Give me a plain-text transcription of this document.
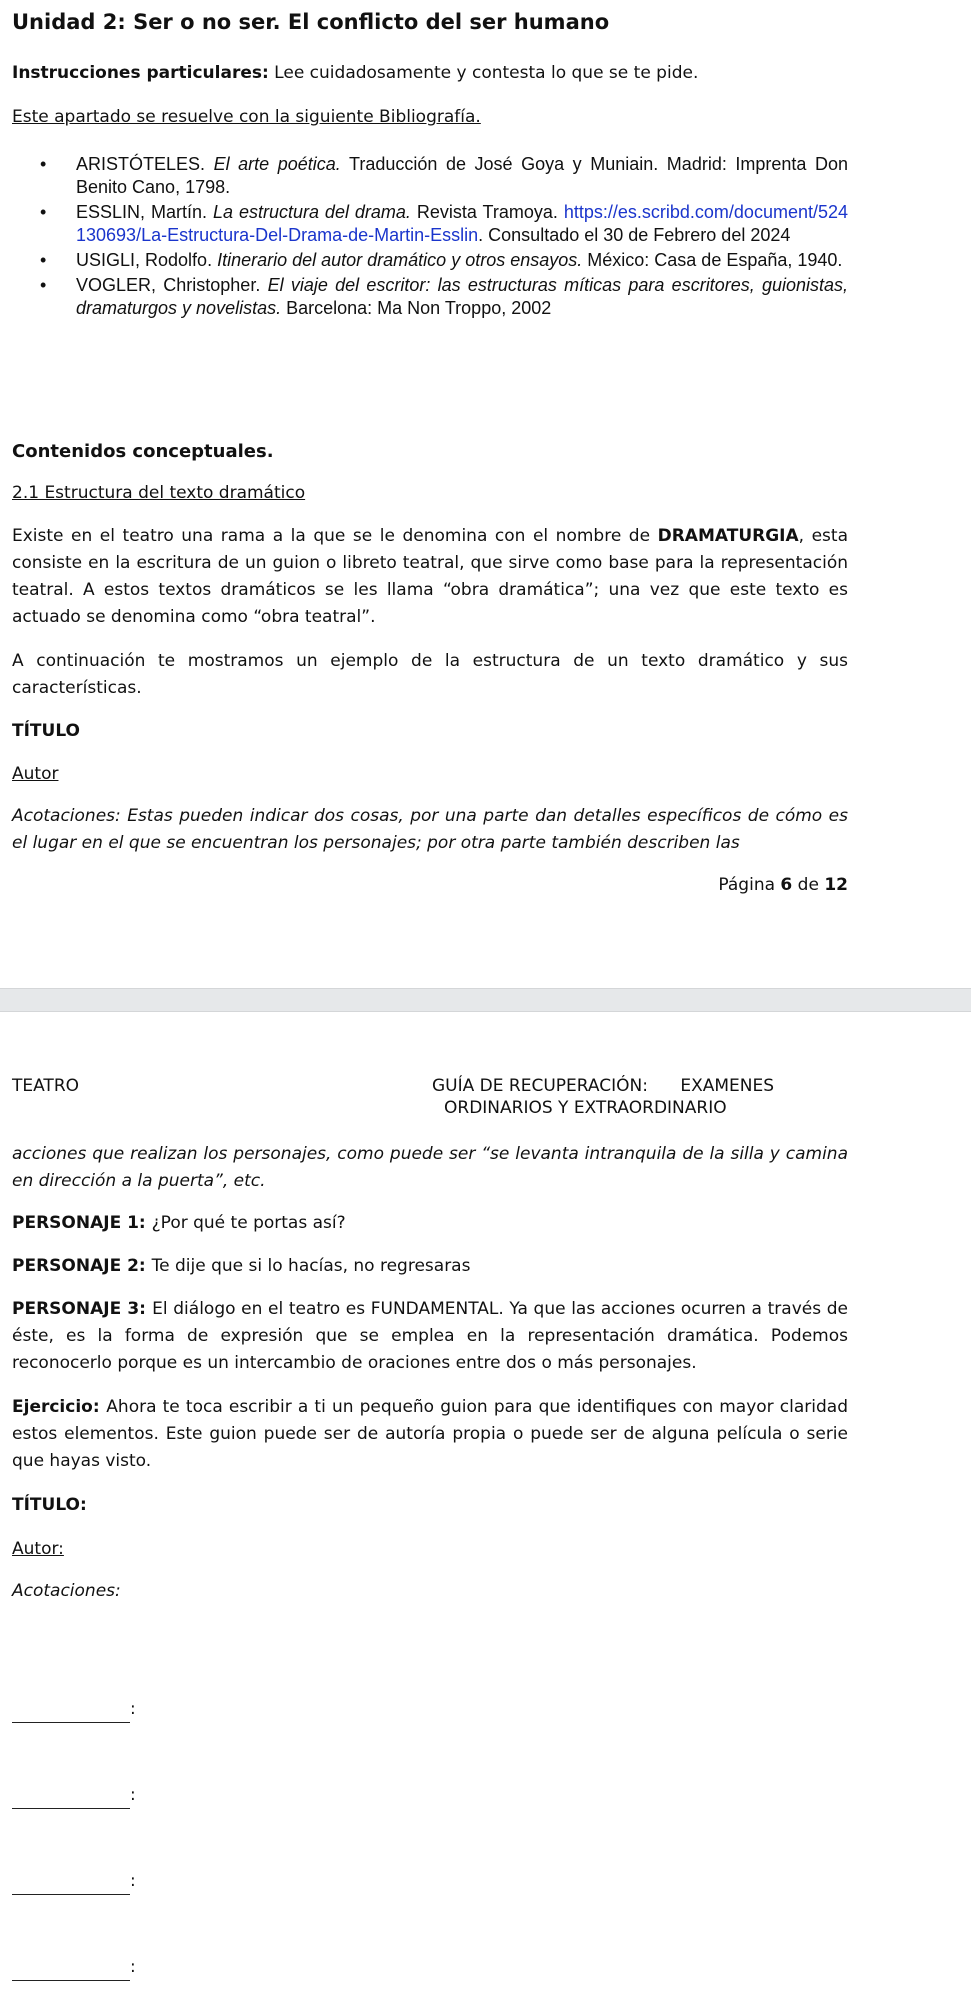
Unidad 2: Ser o no ser. El conflicto del ser humano

Instrucciones particulares: Lee cuidadosamente y contesta lo que se te pide.

Este apartado se resuelve con la siguiente Bibliografía.

• ARISTÓTELES. El arte poética. Traducción de José Goya y Muniain. Madrid: Imprenta Don Benito Cano, 1798.
• ESSLIN, Martín. La estructura del drama. Revista Tramoya. https://es.scribd.com/document/524130693/La-Estructura-Del-Drama-de-Martin-Esslin. Consultado el 30 de Febrero del 2024
• USIGLI, Rodolfo. Itinerario del autor dramático y otros ensayos. México: Casa de España, 1940.
• VOGLER, Christopher. El viaje del escritor: las estructuras míticas para escritores, guionistas, dramaturgos y novelistas. Barcelona: Ma Non Troppo, 2002

Contenidos conceptuales.

2.1 Estructura del texto dramático

Existe en el teatro una rama a la que se le denomina con el nombre de DRAMATURGIA, esta consiste en la escritura de un guion o libreto teatral, que sirve como base para la representación teatral. A estos textos dramáticos se les llama “obra dramática”; una vez que este texto es actuado se denomina como “obra teatral”.

A continuación te mostramos un ejemplo de la estructura de un texto dramático y sus características.

TÍTULO

Autor

Acotaciones: Estas pueden indicar dos cosas, por una parte dan detalles específicos de cómo es el lugar en el que se encuentran los personajes; por otra parte también describen las

Página 6 de 12

TEATRO	GUÍA DE RECUPERACIÓN:      EXAMENES
ORDINARIOS Y EXTRAORDINARIO

acciones que realizan los personajes, como puede ser “se levanta intranquila de la silla y camina en dirección a la puerta”, etc.

PERSONAJE 1: ¿Por qué te portas así?

PERSONAJE 2: Te dije que si lo hacías, no regresaras

PERSONAJE 3: El diálogo en el teatro es FUNDAMENTAL. Ya que las acciones ocurren a través de éste, es la forma de expresión que se emplea en la representación dramática. Podemos reconocerlo porque es un intercambio de oraciones entre dos o más personajes.

Ejercicio: Ahora te toca escribir a ti un pequeño guion para que identifiques con mayor claridad estos elementos. Este guion puede ser de autoría propia o puede ser de alguna película o serie que hayas visto.

TÍTULO:

Autor:

Acotaciones:

:

:

:

:
